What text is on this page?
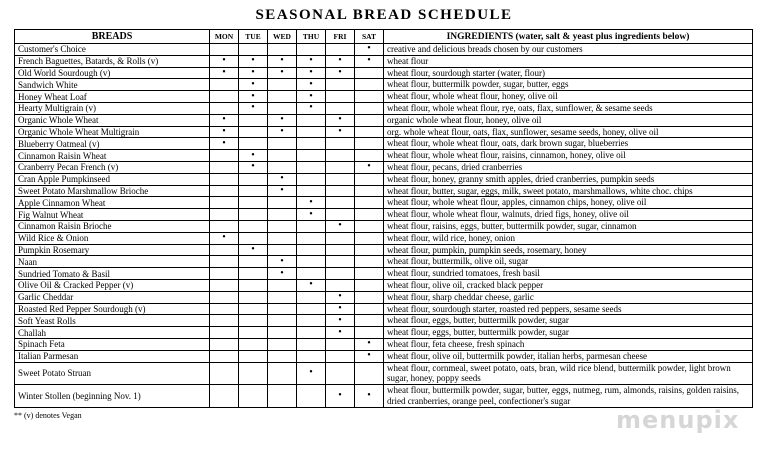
SEASONAL BREAD SCHEDULE
BREADS	MON	TUE	WED	THU	FRI	SAT	INGREDIENTS (water, salt & yeast plus ingredients below)
Customer's Choice						•	creative and delicious breads chosen by our customers
French Baguettes, Batards, & Rolls (v)	•	•	•	•	•	•	wheat flour
Old World Sourdough (v)	•	•	•	•	•		wheat flour, sourdough starter (water, flour)
Sandwich White		•		•			wheat flour, buttermilk powder, sugar, butter, eggs
Honey Wheat Loaf		•		•			wheat flour, whole wheat flour, honey, olive oil
Hearty Multigrain (v)		•		•			wheat flour, whole wheat flour, rye, oats, flax, sunflower, & sesame seeds
Organic Whole Wheat	•		•		•		organic whole wheat flour, honey, olive oil
Organic Whole Wheat Multigrain	•		•		•		org. whole wheat flour, oats, flax, sunflower, sesame seeds, honey, olive oil
Blueberry Oatmeal (v)	•						wheat flour, whole wheat flour, oats, dark brown sugar, blueberries
Cinnamon Raisin Wheat		•					wheat flour, whole wheat flour, raisins, cinnamon, honey, olive oil
Cranberry Pecan French (v)		•				•	wheat flour, pecans, dried cranberries
Cran Apple Pumpkinseed			•				wheat flour, honey, granny smith apples, dried cranberries, pumpkin seeds
Sweet Potato Marshmallow Brioche			•				wheat flour, butter, sugar, eggs, milk, sweet potato, marshmallows, white choc. chips
Apple Cinnamon Wheat				•			wheat flour, whole wheat flour, apples, cinnamon chips, honey, olive oil
Fig Walnut Wheat				•			wheat flour, whole wheat flour, walnuts, dried figs, honey, olive oil
Cinnamon Raisin Brioche					•		wheat flour, raisins, eggs, butter, buttermilk powder, sugar, cinnamon
Wild Rice & Onion	•						wheat flour, wild rice, honey, onion
Pumpkin Rosemary		•					wheat flour, pumpkin, pumpkin seeds, rosemary, honey
Naan			•				wheat flour, buttermilk, olive oil, sugar
Sundried Tomato & Basil			•				wheat flour, sundried tomatoes, fresh basil
Olive Oil & Cracked Pepper (v)				•			wheat flour, olive oil, cracked black pepper
Garlic Cheddar					•		wheat flour, sharp cheddar cheese, garlic
Roasted Red Pepper Sourdough (v)					•		wheat flour, sourdough starter, roasted red peppers, sesame seeds
Soft Yeast Rolls					•		wheat flour, eggs, butter, buttermilk powder, sugar
Challah					•		wheat flour, eggs, butter, buttermilk powder, sugar
Spinach Feta						•	wheat flour, feta cheese, fresh spinach
Italian Parmesan						•	wheat flour, olive oil, buttermilk powder, italian herbs, parmesan cheese
Sweet Potato Struan				•			wheat flour, cornmeal, sweet potato, oats, bran, wild rice blend, buttermilk powder, light brown sugar, honey, poppy seeds
Winter Stollen (beginning Nov. 1)					•	•	wheat flour, buttermilk powder, sugar, butter, eggs, nutmeg, rum, almonds, raisins, golden raisins, dried cranberries, orange peel, confectioner's sugar
** (v) denotes Vegan	menupix
